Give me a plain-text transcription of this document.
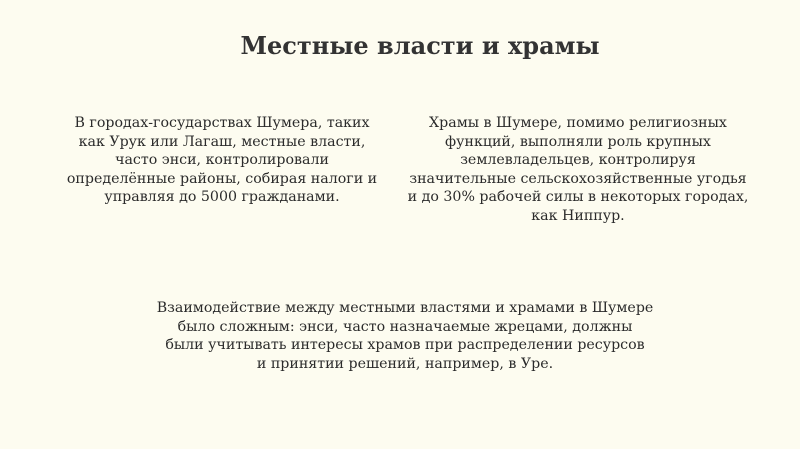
Местные власти и храмы
В городах-государствах Шумера, таких
как Урук или Лагаш, местные власти,
часто энси, контролировали
определённые районы, собирая налоги и
управляя до 5000 гражданами.
Храмы в Шумере, помимо религиозных
функций, выполняли роль крупных
землевладельцев, контролируя
значительные сельскохозяйственные угодья
и до 30% рабочей силы в некоторых городах,
как Ниппур.
Взаимодействие между местными властями и храмами в Шумере
было сложным: энси, часто назначаемые жрецами, должны
были учитывать интересы храмов при распределении ресурсов
и принятии решений, например, в Уре.
